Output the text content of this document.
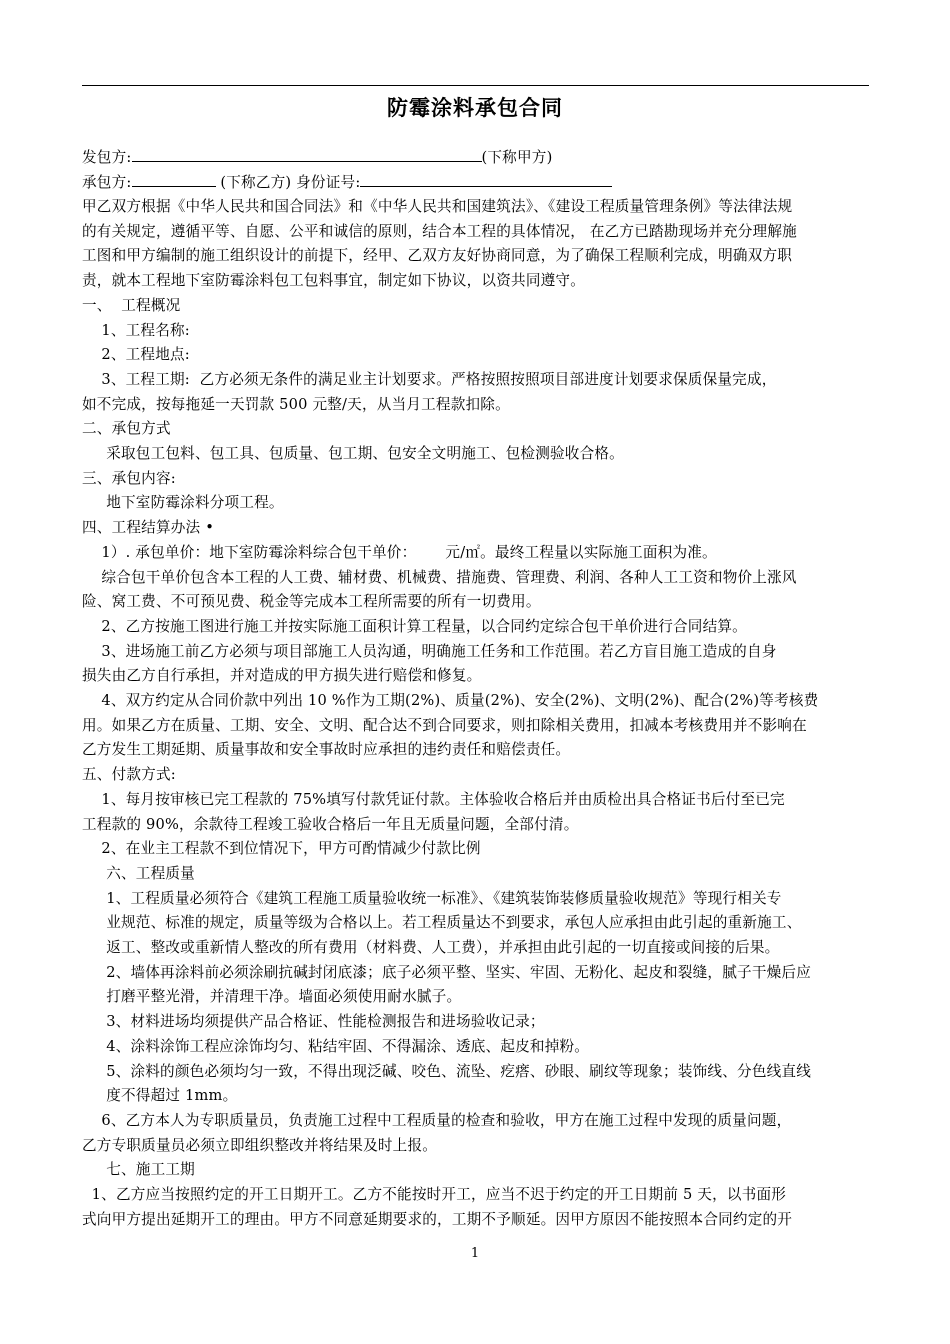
防霉涂料承包合同
发包方:	(下称甲方)
承包方:	(下称乙方) 身份证号:
甲乙双方根据《中华人民共和国合同法》和《中华人民共和国建筑法》、《建设工程质量管理条例》等法律法规
的有关规定，遵循平等、自愿、公平和诚信的原则，结合本工程的具体情况， 在乙方已踏勘现场并充分理解施
工图和甲方编制的施工组织设计的前提下，经甲、乙双方友好协商同意，为了确保工程顺利完成，明确双方职
责，就本工程地下室防霉涂料包工包料事宜，制定如下协议，以资共同遵守。
一、  工程概况
1、工程名称:
2、工程地点:
3、工程工期:  乙方必须无条件的满足业主计划要求。严格按照按照项目部进度计划要求保质保量完成，
如不完成，按每拖延一天罚款 500 元整/天，从当月工程款扣除。
二、承包方式
采取包工包料、包工具、包质量、包工期、包安全文明施工、包检测验收合格。
三、承包内容:
地下室防霉涂料分项工程。
四、工程结算办法 •
1）. 承包单价：地下室防霉涂料综合包干单价：      元/㎡。最终工程量以实际施工面积为准。
综合包干单价包含本工程的人工费、辅材费、机械费、措施费、管理费、利润、各种人工工资和物价上涨风
险、窝工费、不可预见费、税金等完成本工程所需要的所有一切费用。
2、乙方按施工图进行施工并按实际施工面积计算工程量，以合同约定综合包干单价进行合同结算。
3、进场施工前乙方必须与项目部施工人员沟通，明确施工任务和工作范围。若乙方盲目施工造成的自身
损失由乙方自行承担，并对造成的甲方损失进行赔偿和修复。
4、双方约定从合同价款中列出 10 %作为工期(2%)、质量(2%)、安全(2%)、文明(2%)、配合(2%)等考核费
用。如果乙方在质量、工期、安全、文明、配合达不到合同要求，则扣除相关费用，扣减本考核费用并不影响在
乙方发生工期延期、质量事故和安全事故时应承担的违约责任和赔偿责任。
五、付款方式:
1、每月按审核已完工程款的 75%填写付款凭证付款。主体验收合格后并由质检出具合格证书后付至已完
工程款的 90%，余款待工程竣工验收合格后一年且无质量问题，全部付清。
2、在业主工程款不到位情况下，甲方可酌情减少付款比例
六、工程质量
1、工程质量必须符合《建筑工程施工质量验收统一标准》、《建筑装饰装修质量验收规范》等现行相关专
业规范、标准的规定，质量等级为合格以上。若工程质量达不到要求，承包人应承担由此引起的重新施工、
返工、整改或重新情人整改的所有费用（材料费、人工费），并承担由此引起的一切直接或间接的后果。
2、墙体再涂料前必须涂刷抗碱封闭底漆；底子必须平整、坚实、牢固、无粉化、起皮和裂缝，腻子干燥后应
打磨平整光滑，并清理干净。墙面必须使用耐水腻子。
3、材料进场均须提供产品合格证、性能检测报告和进场验收记录；
4、涂料涂饰工程应涂饰均匀、粘结牢固、不得漏涂、透底、起皮和掉粉。
5、涂料的颜色必须均匀一致，不得出现泛碱、咬色、流坠、疙瘩、砂眼、刷纹等现象；装饰线、分色线直线
度不得超过 1mm。
6、乙方本人为专职质量员，负责施工过程中工程质量的检查和验收，甲方在施工过程中发现的质量问题，
乙方专职质量员必须立即组织整改并将结果及时上报。
七、施工工期
1、乙方应当按照约定的开工日期开工。乙方不能按时开工，应当不迟于约定的开工日期前 5 天，以书面形
式向甲方提出延期开工的理由。甲方不同意延期要求的，工期不予顺延。因甲方原因不能按照本合同约定的开
1
